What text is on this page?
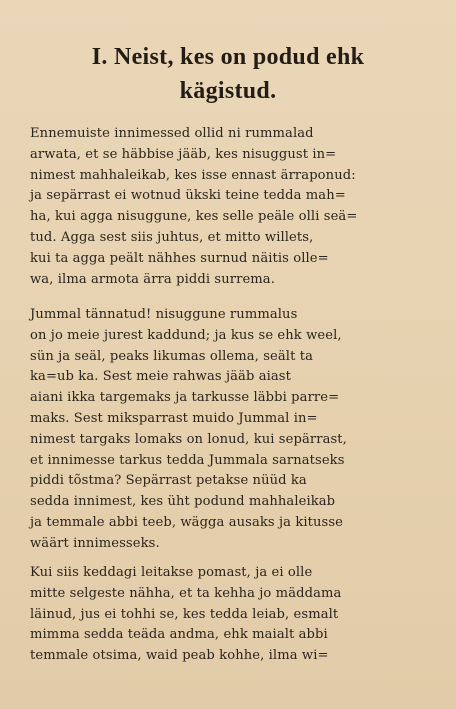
I. Neist, kes on podud ehk
kägistud.

Ennemuiste innimessed ollid ni rummalad
arwata, et se häbbise jääb, kes nisuggust in=
nimest mahhaleikab, kes isse ennast ärraponud:
ja sepärrast ei wotnud ükski teine tedda mah=
ha, kui agga nisuggune, kes selle peäle olli seä=
tud. Agga sest siis juhtus, et mitto willets,
kui ta agga peält nähhes surnud näitis olle=
wa, ilma armota ärra piddi surrema.

Jummal tännatud! nisuggune rummalus
on jo meie jurest kaddund; ja kus se ehk weel,
sün ja seäl, peaks likumas ollema, seält ta
ka=ub ka. Sest meie rahwas jääb aiast
aiani ikka targemaks ja tarkusse läbbi parre=
maks. Sest miksparrast muido Jummal in=
nimest targaks lomaks on lonud, kui sepärrast,
et innimesse tarkus tedda Jummala sarnatseks
piddi tõstma? Sepärrast petakse nüüd ka
sedda innimest, kes üht podund mahhaleikab
ja temmale abbi teeb, wägga ausaks ja kitusse
wäärt innimesseks.

Kui siis keddagi leitakse pomast, ja ei olle
mitte selgeste nähha, et ta kehha jo mäddama
läinud, jus ei tohhi se, kes tedda leiab, esmalt
mimma sedda teäda andma, ehk maialt abbi
temmale otsima, waid peab kohhe, ilma wi=
